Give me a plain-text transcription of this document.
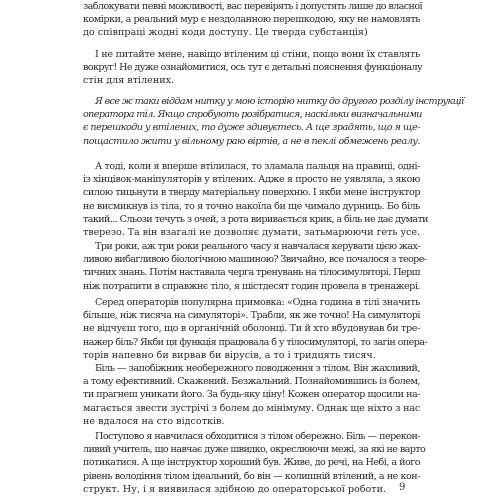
заблокувати певні можливості, вас перевірять і допустять лише до власної
комірки, а реальний мур є нездоланною перешкодою, яку не намовлять
до співпраці жодні коди доступу. Це тверда субстанція)
І не питайте мене, навіщо втіленим ці стіни, пощо вони їх ставлять
вокруг! Не дуже ознайомитися, ось тут є детальні пояснення функціоналу
стін для втілених.
Я все ж таки віддам нитку у мою історію нитку до другого розділу інструкції
оператора тіл. Якщо спробують розібратися, наскільки визначальними
є перешкоди у втілених, то дуже здивуєтесь. А ще зрадять, що я ще-
пощастило жити у вільному раю віртів, а не в пеклі обмежень реалу.
А тоді, коли я вперше втілилася, то зламала пальця на правиці, одні-
із хінцівок-маніпуляторів у втілених. Адже я просто не уявляла, з якою
силою тицьнути в тверду матеріальну поверхню. І якби мене інструктор
не висмикнув із тіла, то я точно накоїла би ще чимало дурниць. Бо біль
такий... Сльози течуть з очей, з рота виривається крик, а біль не дає думати
тверезо. Та він взагалі не дозволяє думати, затьмарюючи геть усе.
Три роки, аж три роки реального часу я навчалася керувати цією жах-
ливою вибагливою біологічною машиною? Звичайно, все почалося з теоре-
тичних знань. Потім наставала черга тренувань на тілосимуляторі. Перш
ніж потрапити в справжнє тіло, я шістдесят годин провела в тренажері.
Серед операторів популярна примовка: «Одна година в тілі значить
більше, ніж тисяча на симуляторі». Трабли, як же точно! На симуляторі
не відчуєш того, що в органічній оболонці. Ти й хто вбудовував би тре-
нажер біль? Якби ця функція працювала б у тілосимуляторі, то загін опера-
торів напевно би вирвав би вірусів, а то і тридцять тисяч.
Біль — запобіжник необережного поводження з тілом. Він жахливий,
а тому ефективний. Скажений. Безжальний. Познайомившись із болем,
ти прагнеш уникати його. За будь-яку ціну! Кожен оператор щосили на-
магається звести зустрічі з болем до мінімуму. Однак ще ніхто з нас
не вдалося на сто відсотків.
Поступово я навчилася обходитися з тілом обережно. Біль — перекон-
ливий учитель, що навчає дуже швидко, окреслюючи межі, за які не варто
потикатися. А ще інструктор хороший був. Живе, до речі, на Небі, а його
рівень володіння тілом ідеальний, бо він — колишній втілений, а не кон-
структ. Ну, і я виявилася здібною до операторської роботи.	9
